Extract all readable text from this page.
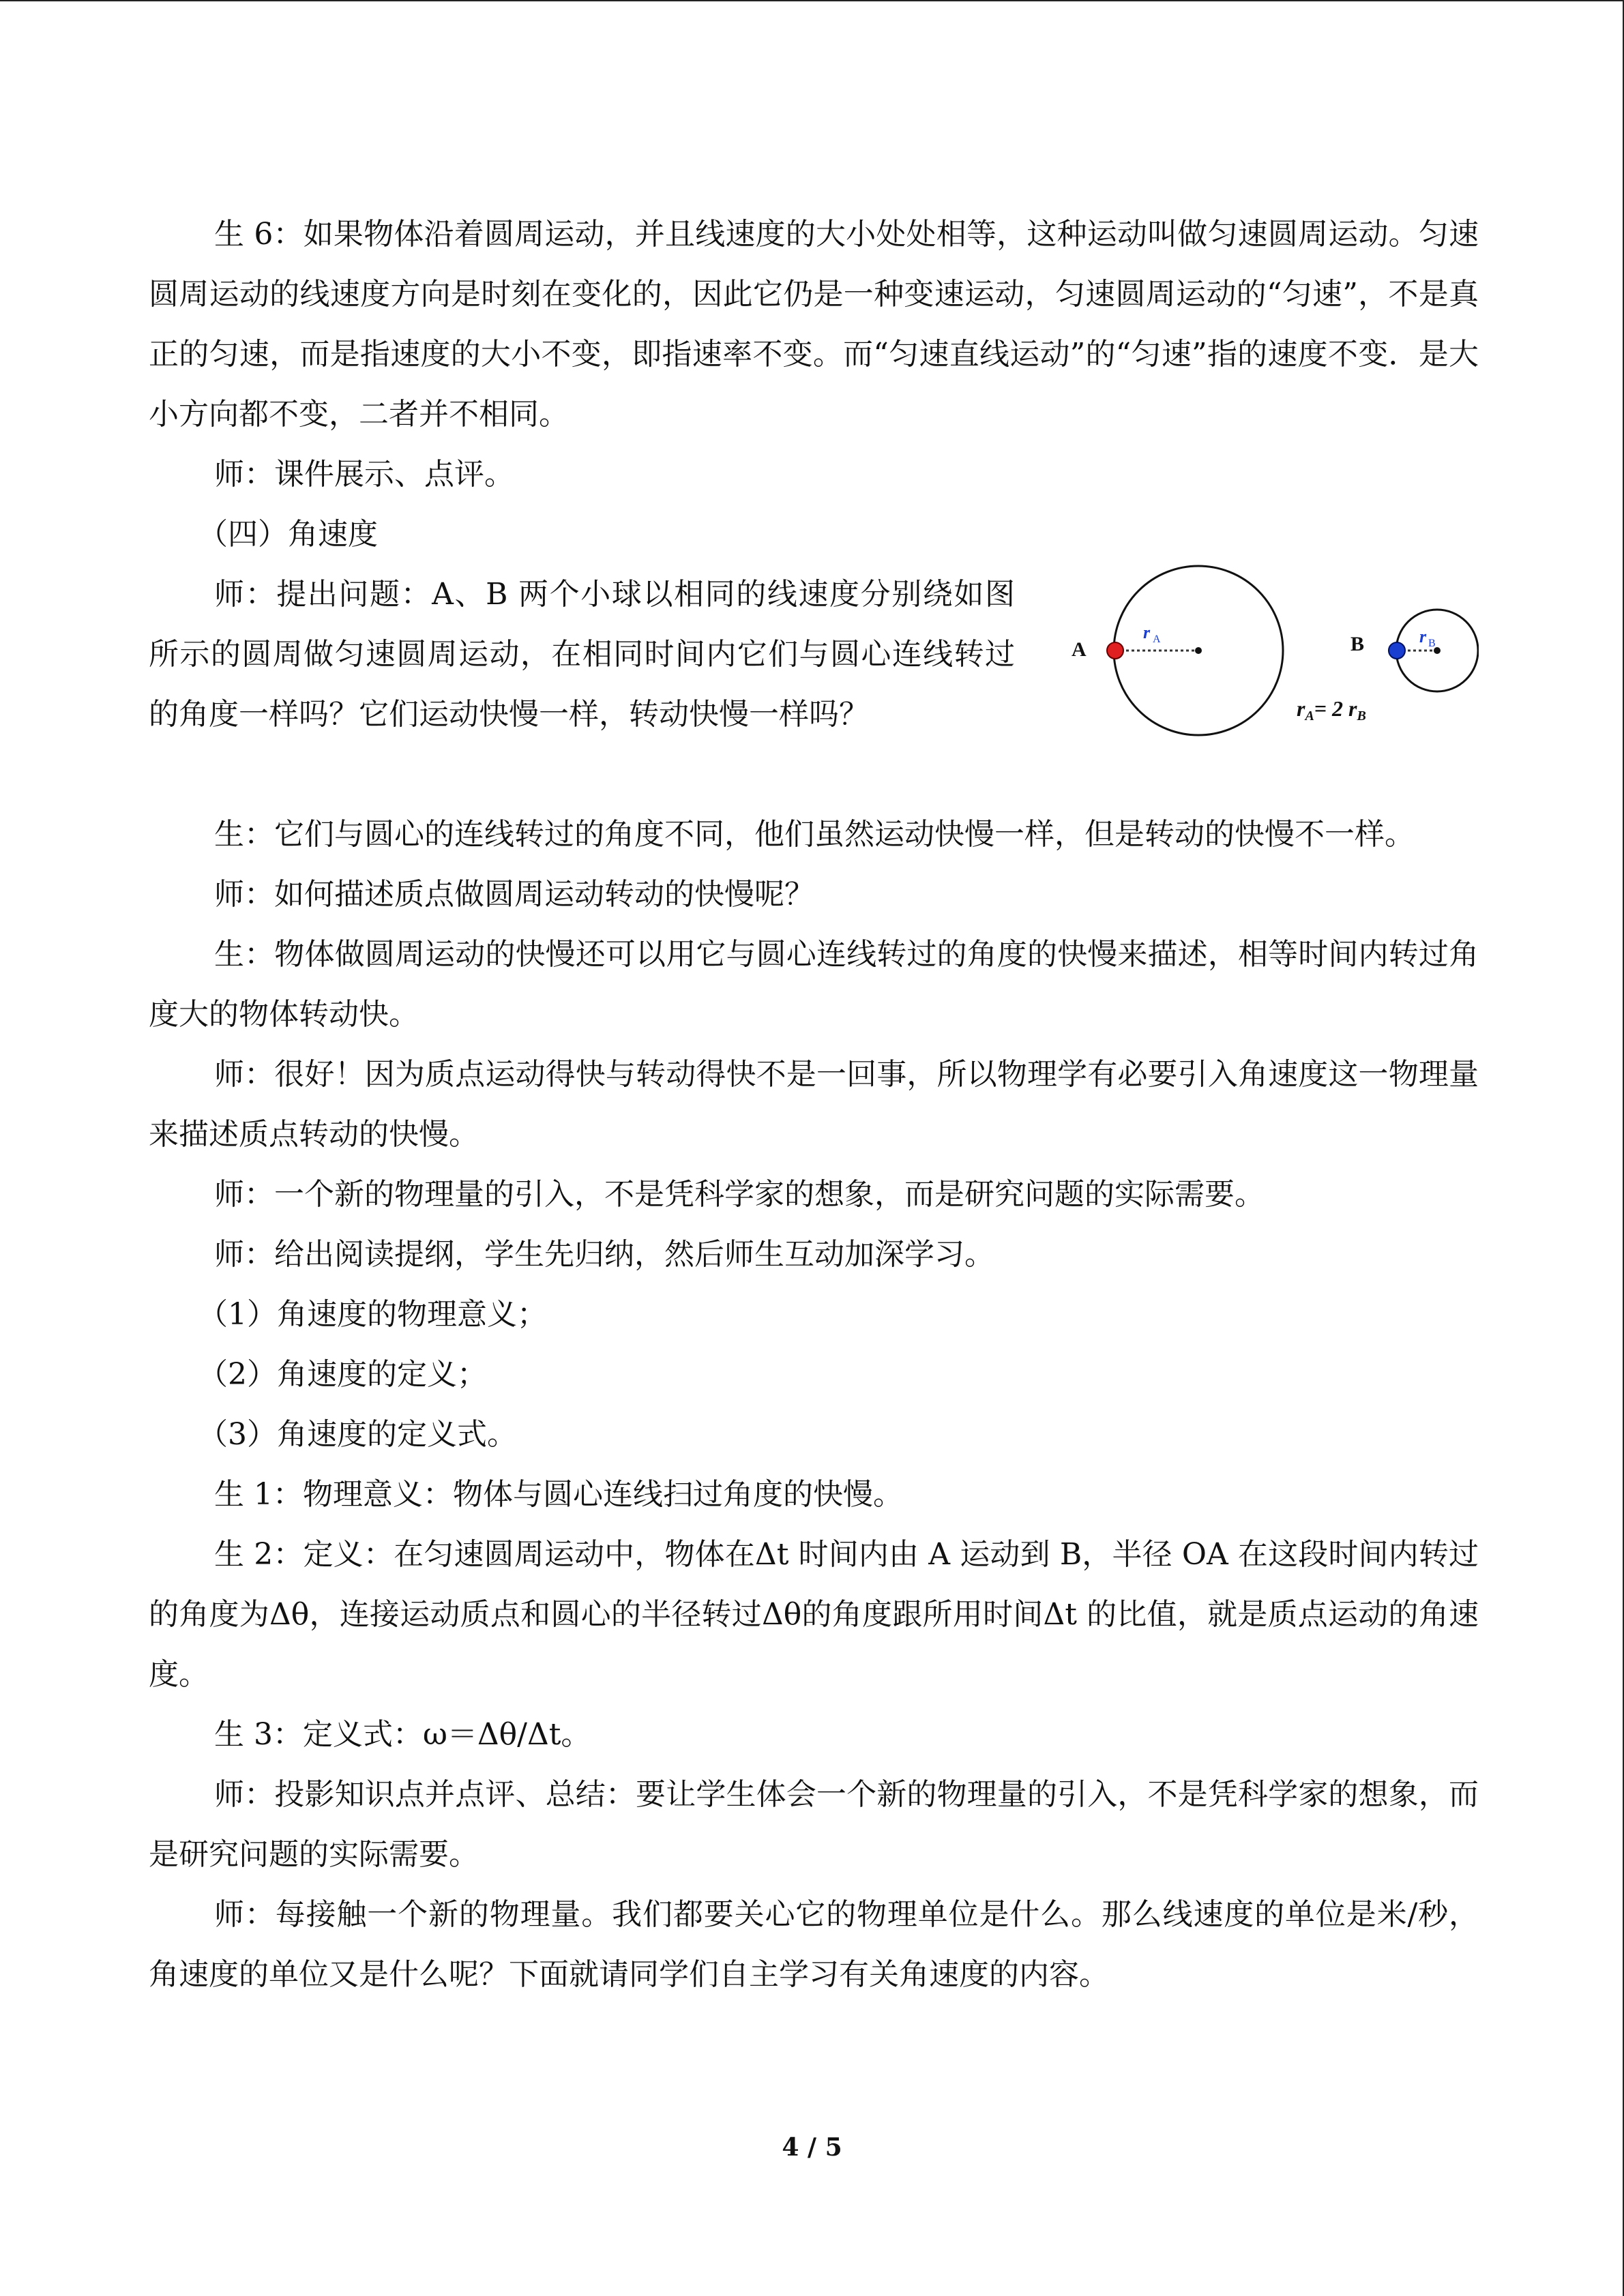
生 6：如果物体沿着圆周运动，并且线速度的大小处处相等，这种运动叫做匀速圆周运动。匀速圆周运动的线速度方向是时刻在变化的，因此它仍是一种变速运动，匀速圆周运动的“匀速”，不是真正的匀速，而是指速度的大小不变，即指速率不变。而“匀速直线运动”的“匀速”指的速度不变．是大小方向都不变，二者并不相同。

师：课件展示、点评。

（四）角速度

师：提出问题：A、B 两个小球以相同的线速度分别绕如图所示的圆周做匀速圆周运动，在相同时间内它们与圆心连线转过的角度一样吗？它们运动快慢一样，转动快慢一样吗？

A
r A	B	r B
rA= 2 rB

生：它们与圆心的连线转过的角度不同，他们虽然运动快慢一样，但是转动的快慢不一样。

师：如何描述质点做圆周运动转动的快慢呢？

生：物体做圆周运动的快慢还可以用它与圆心连线转过的角度的快慢来描述，相等时间内转过角度大的物体转动快。

师：很好！因为质点运动得快与转动得快不是一回事，所以物理学有必要引入角速度这一物理量来描述质点转动的快慢。

师：一个新的物理量的引入，不是凭科学家的想象，而是研究问题的实际需要。

师：给出阅读提纲，学生先归纳，然后师生互动加深学习。

（1）角速度的物理意义；

（2）角速度的定义；

（3）角速度的定义式。

生 1：物理意义：物体与圆心连线扫过角度的快慢。

生 2：定义：在匀速圆周运动中，物体在Δt 时间内由 A 运动到 B，半径 OA 在这段时间内转过的角度为Δθ，连接运动质点和圆心的半径转过Δθ的角度跟所用时间Δt 的比值，就是质点运动的角速度。

生 3：定义式：ω＝Δθ/Δt。

师：投影知识点并点评、总结：要让学生体会一个新的物理量的引入，不是凭科学家的想象，而是研究问题的实际需要。

师：每接触一个新的物理量。我们都要关心它的物理单位是什么。那么线速度的单位是米/秒，角速度的单位又是什么呢？下面就请同学们自主学习有关角速度的内容。

4 / 5
